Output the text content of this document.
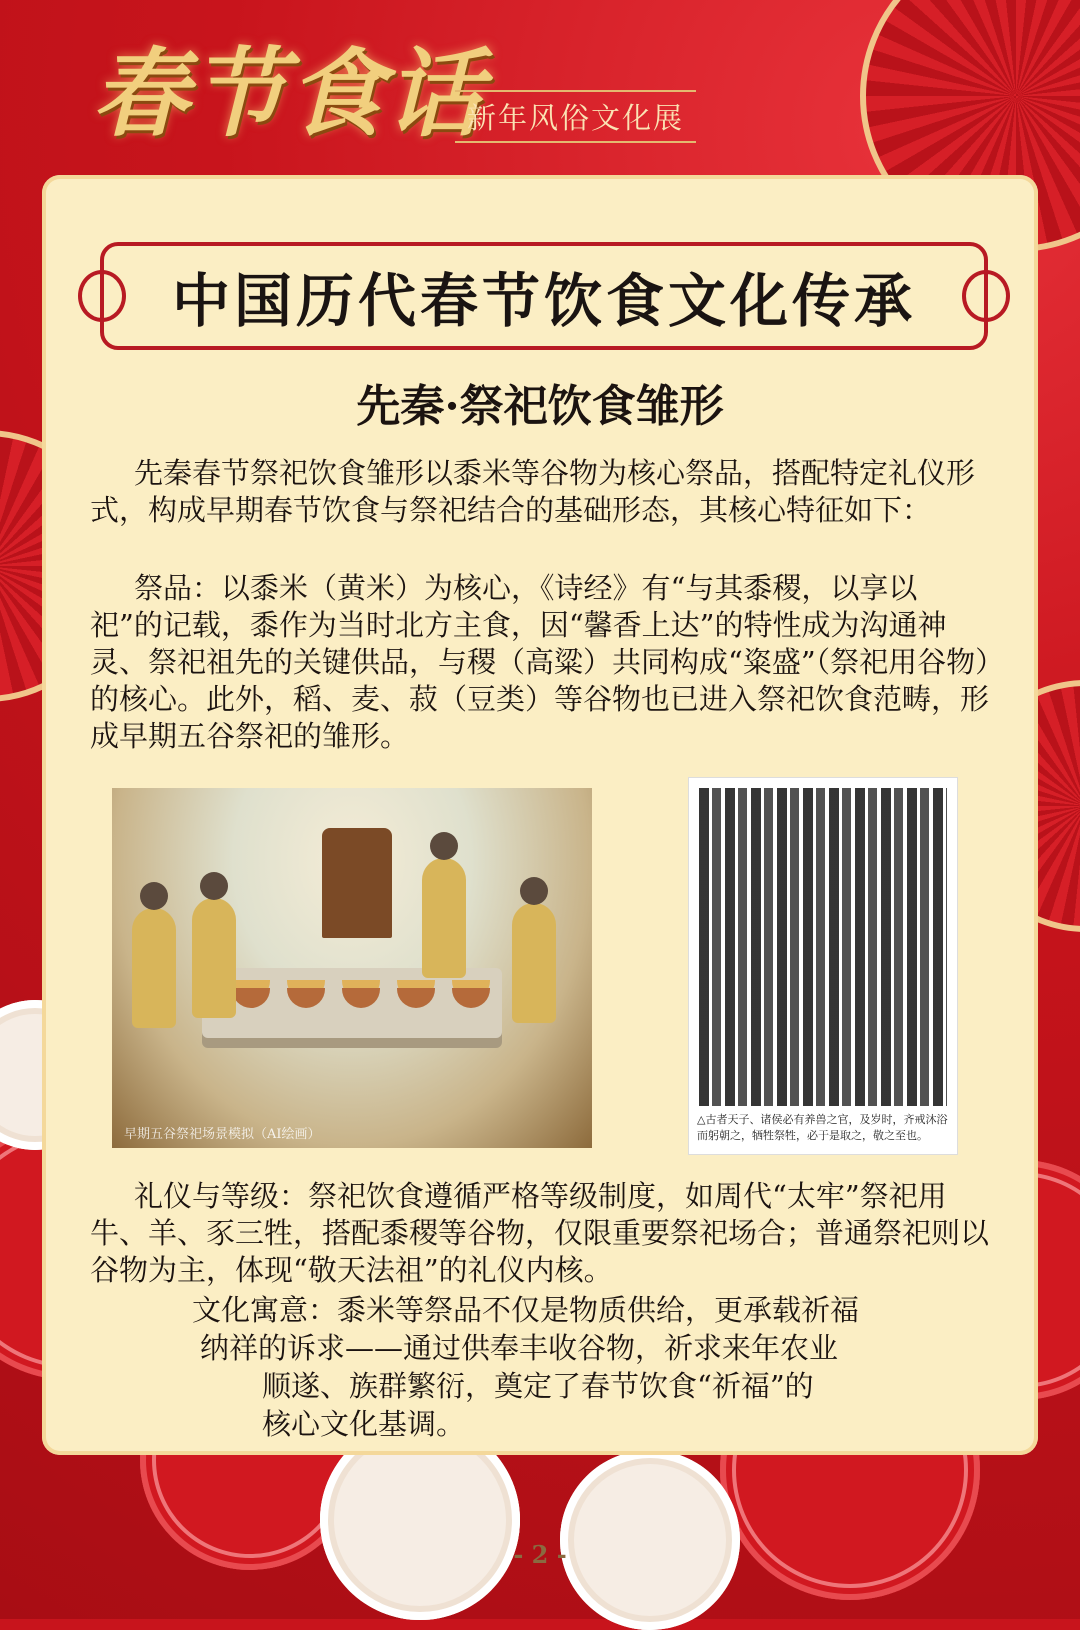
春节食话
新年风俗文化展
中国历代春节饮食文化传承
先秦·祭祀饮食雏形

先秦春节祭祀饮食雏形以黍米等谷物为核心祭品，搭配特定礼仪形式，构成早期春节饮食与祭祀结合的基础形态，其核心特征如下：

祭品：以黍米（黄米）为核心，《诗经》有“与其黍稷，以享以祀”的记载，黍作为当时北方主食，因“馨香上达”的特性成为沟通神灵、祭祀祖先的关键供品，与稷（高粱）共同构成“粢盛”（祭祀用谷物）的核心。此外，稻、麦、菽（豆类）等谷物也已进入祭祀饮食范畴，形成早期五谷祭祀的雏形。

早期五谷祭祀场景模拟（AI绘画）
△古者天子、诸侯必有养兽之官，及岁时，齐戒沐浴而躬朝之，牺牲祭牲，必于是取之，敬之至也。

礼仪与等级：祭祀饮食遵循严格等级制度，如周代“太牢”祭祀用牛、羊、豕三牲，搭配黍稷等谷物，仅限重要祭祀场合；普通祭祀则以谷物为主，体现“敬天法祖”的礼仪内核。

文化寓意：黍米等祭品不仅是物质供给，更承载祈福

纳祥的诉求——通过供奉丰收谷物，祈求来年农业

顺遂、族群繁衍，奠定了春节饮食“祈福”的

核心文化基调。

- 2 -
